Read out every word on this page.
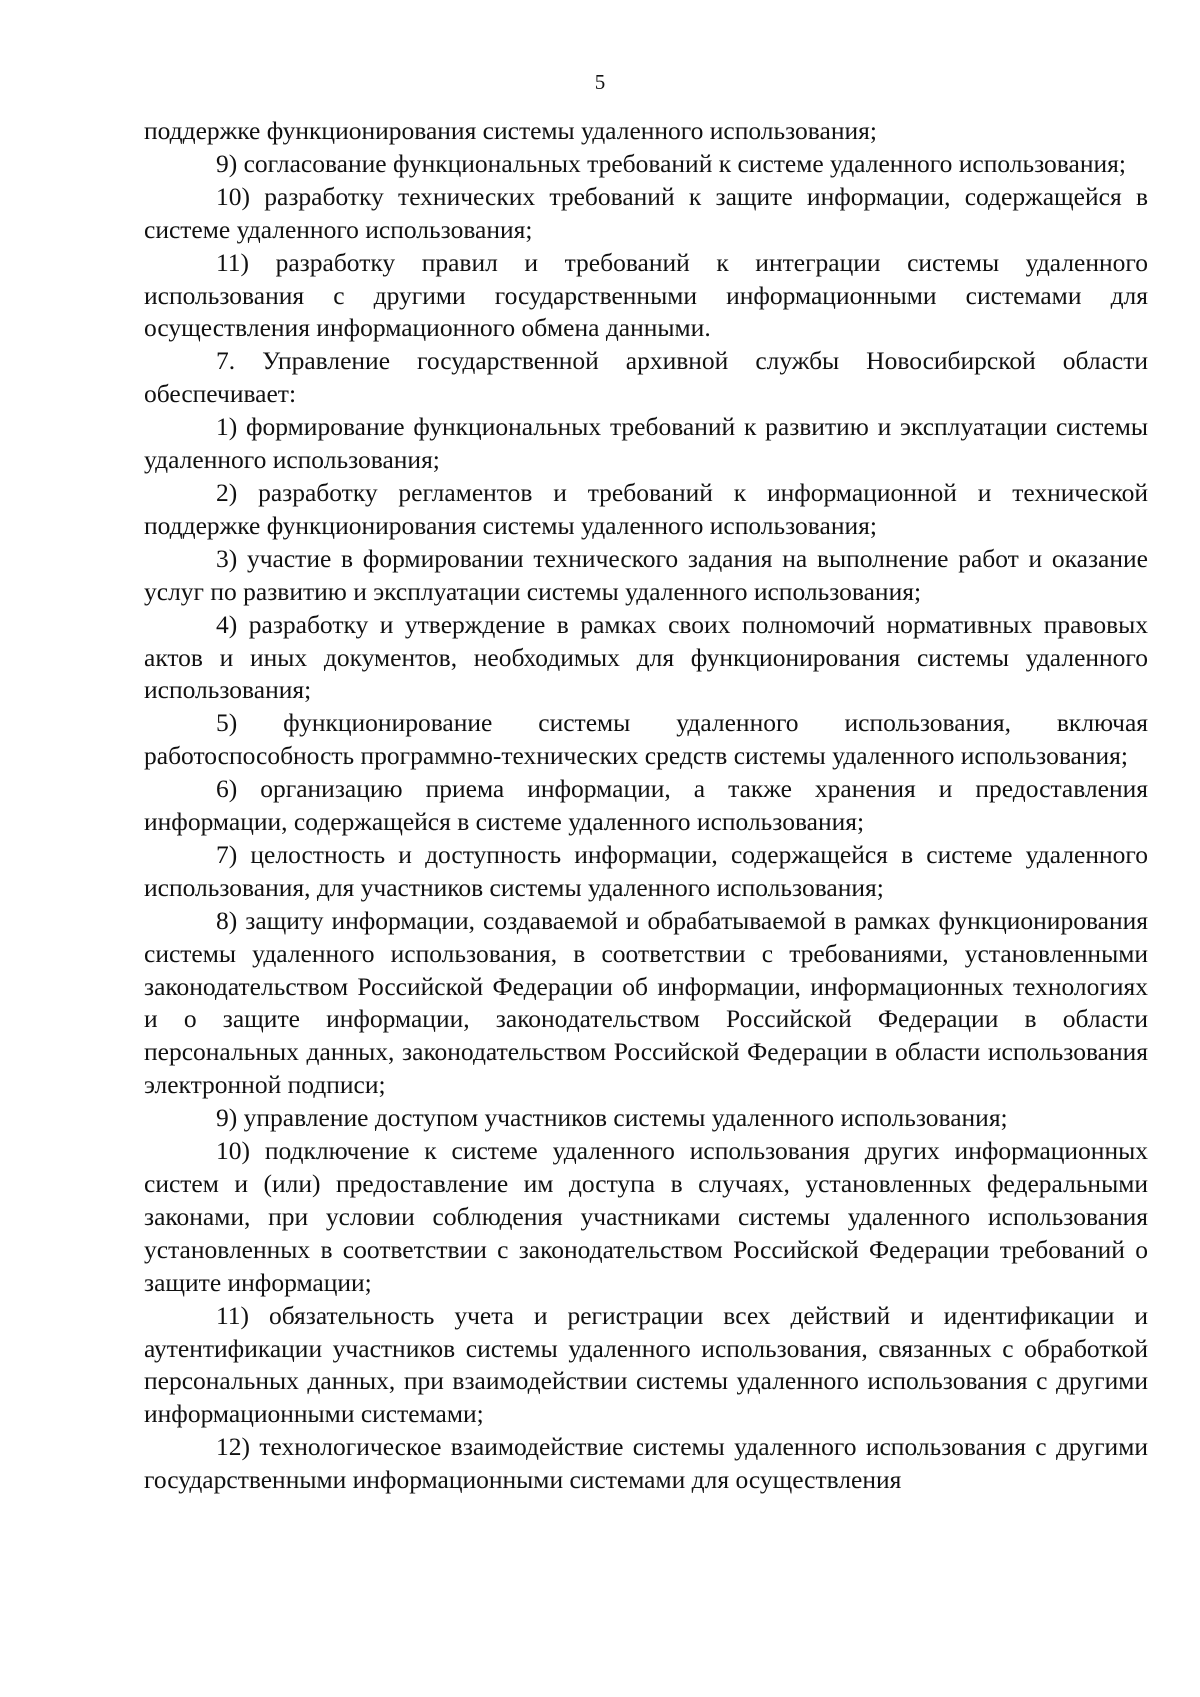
5

поддержке функционирования системы удаленного использования;

9) согласование функциональных требований к системе удаленного использования;

10) разработку технических требований к защите информации, содержащейся в системе удаленного использования;

11) разработку правил и требований к интеграции системы удаленного использования с другими государственными информационными системами для осуществления информационного обмена данными.

7. Управление государственной архивной службы Новосибирской области обеспечивает:

1) формирование функциональных требований к развитию и эксплуатации системы удаленного использования;

2) разработку регламентов и требований к информационной и технической поддержке функционирования системы удаленного использования;

3) участие в формировании технического задания на выполнение работ и оказание услуг по развитию и эксплуатации системы удаленного использования;

4) разработку и утверждение в рамках своих полномочий нормативных правовых актов и иных документов, необходимых для функционирования системы удаленного использования;

5) функционирование системы удаленного использования, включая работоспособность программно-технических средств системы удаленного использования;

6) организацию приема информации, а также хранения и предоставления информации, содержащейся в системе удаленного использования;

7) целостность и доступность информации, содержащейся в системе удаленного использования, для участников системы удаленного использования;

8) защиту информации, создаваемой и обрабатываемой в рамках функционирования системы удаленного использования, в соответствии с требованиями, установленными законодательством Российской Федерации об информации, информационных технологиях и о защите информации, законодательством Российской Федерации в области персональных данных, законодательством Российской Федерации в области использования электронной подписи;

9) управление доступом участников системы удаленного использования;

10) подключение к системе удаленного использования других информационных систем и (или) предоставление им доступа в случаях, установленных федеральными законами, при условии соблюдения участниками системы удаленного использования установленных в соответствии с законодательством Российской Федерации требований о защите информации;

11) обязательность учета и регистрации всех действий и идентификации и аутентификации участников системы удаленного использования, связанных с обработкой персональных данных, при взаимодействии системы удаленного использования с другими информационными системами;

12) технологическое взаимодействие системы удаленного использования с другими государственными информационными системами для осуществления
